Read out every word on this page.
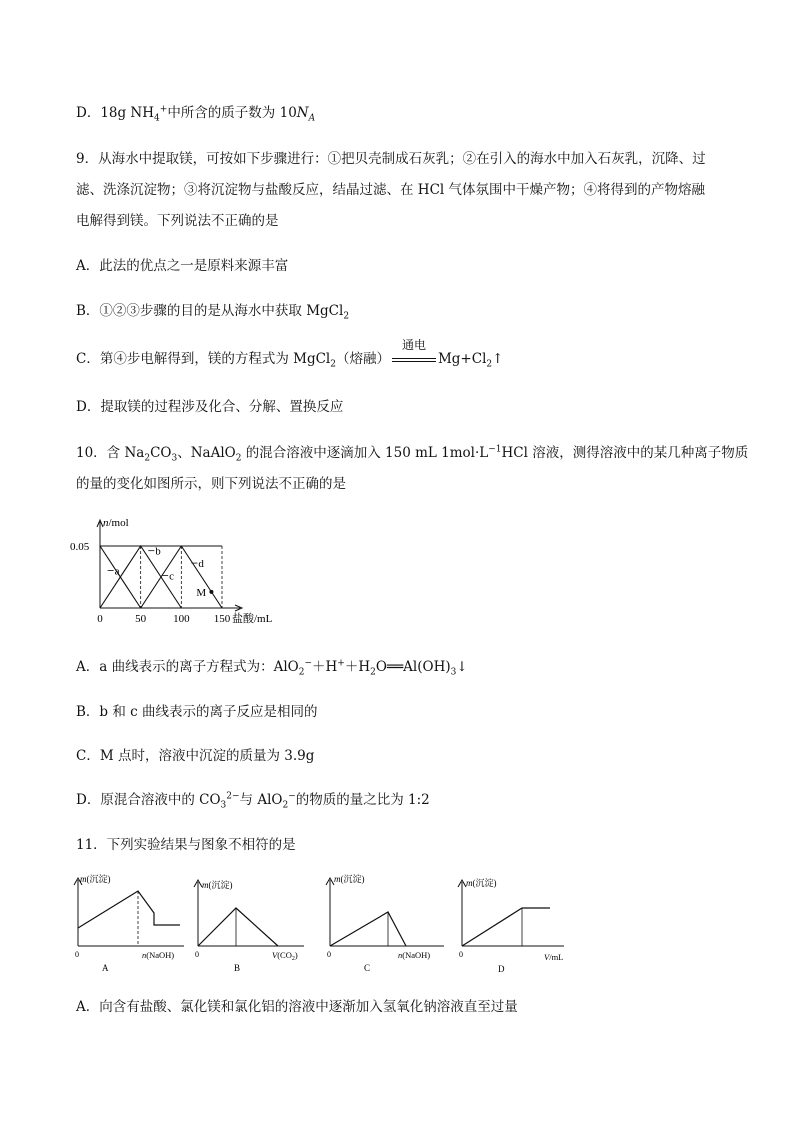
D．18g $NH_4^+$中所含的质子数为 $10N_A$
9．从海水中提取镁，可按如下步骤进行：①把贝壳制成石灰乳；②在引入的海水中加入石灰乳，沉降、过
滤、洗涤沉淀物；③将沉淀物与盐酸反应，结晶过滤、在 HCl 气体氛围中干燥产物；④将得到的产物熔融
电解得到镁。下列说法不正确的是
A．此法的优点之一是原料来源丰富
B．①②③步骤的目的是从海水中获取 MgCl$_2$
C．第④步电解得到，镁的方程式为 MgCl$_2$（熔融）
通电
$Mg+Cl_2↑$
D．提取镁的过程涉及化合、分解、置换反应
10．含 $Na_2CO_3$、NaAlO$_2$ 的混合溶液中逐滴加入 150 mL $1mol\cdot L^{-1}HCl$ 溶液，测得溶液中的某几种离子物质
的量的变化如图所示，则下列说法不正确的是
a
b
c
d
M
n/mol
0.05
0	50 100 150 盐酸/mL
A．a 曲线表示的离子方程式为：$AlO_2^-+H^++H_2O══Al(OH)_3↓$
B．b 和 c 曲线表示的离子反应是相同的
C．M 点时，溶液中沉淀的质量为 3.9g
D．原混合溶液中的 $CO_3^{2-}$与 AlO$_2$−的物质的量之比为 1:2
11．下列实验结果与图象不相符的是
m(沉淀)
0	n(NaOH)
A
m(沉淀)
0	$V(CO_2)$
B
m(沉淀)
0	n(NaOH)
C
m(沉淀)
0	V/mL
D
A．向含有盐酸、氯化镁和氯化铝的溶液中逐渐加入氢氧化钠溶液直至过量
